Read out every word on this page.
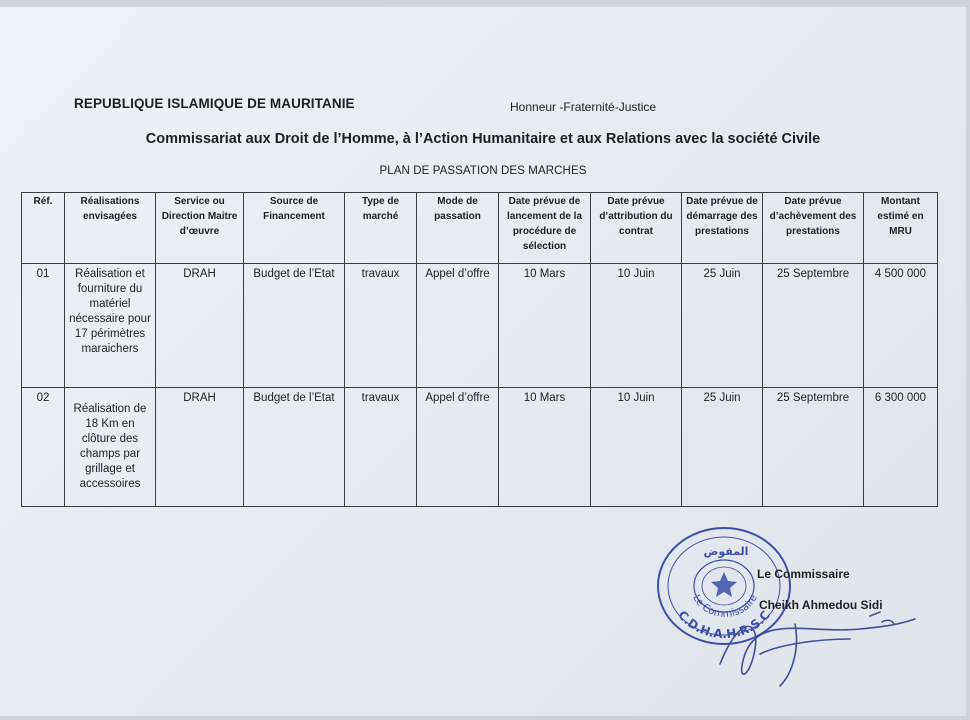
REPUBLIQUE ISLAMIQUE DE MAURITANIE	Honneur -Fraternité-Justice
Commissariat aux Droit de l’Homme, à l’Action Humanitaire et aux Relations avec la société Civile
PLAN DE PASSATION DES MARCHES
Réf.	Réalisations envisagées	Service ou Direction Maitre d’œuvre	Source de Financement	Type de marché	Mode de passation	Date prévue de lancement de la procédure de sélection	Date prévue d’attribution du contrat	Date prévue de démarrage des prestations	Date prévue d’achèvement des prestations	Montant estimé en MRU
01	Réalisation et fourniture du matériel nécessaire pour 17 périmètres maraichers	DRAH	Budget de l’Etat	travaux	Appel d’offre	10 Mars	10 Juin	25 Juin	25 Septembre	4 500 000
02	Réalisation de 18 Km en clôture des champs par grillage et accessoires	DRAH	Budget de l’Etat	travaux	Appel d’offre	10 Mars	10 Juin	25 Juin	25 Septembre	6 300 000
المفوض
Le Commissaire
C.D.H.A.H.R.S.C
Le Commissaire
Cheikh Ahmedou Sidi
